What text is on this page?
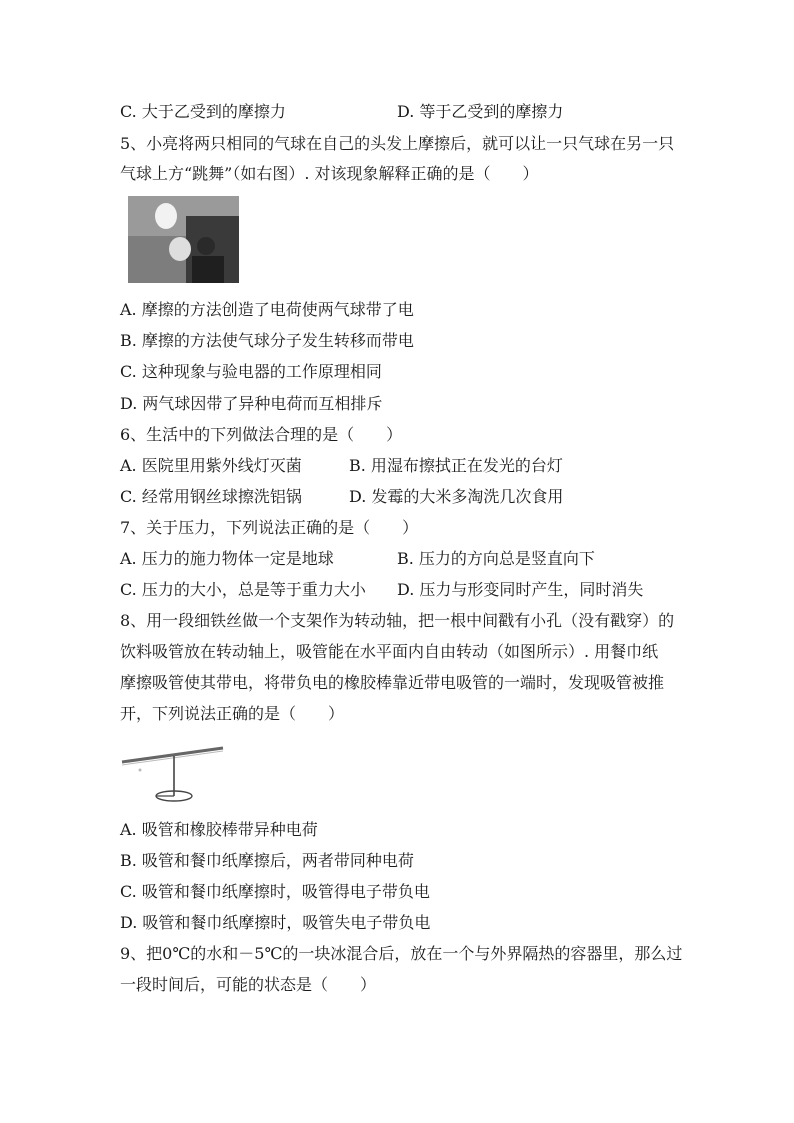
C. 大于乙受到的摩擦力	D. 等于乙受到的摩擦力
5、小亮将两只相同的气球在自己的头发上摩擦后，就可以让一只气球在另一只
气球上方“跳舞”（如右图）. 对该现象解释正确的是（　　）
A. 摩擦的方法创造了电荷使两气球带了电
B. 摩擦的方法使气球分子发生转移而带电
C. 这种现象与验电器的工作原理相同
D. 两气球因带了异种电荷而互相排斥
6、生活中的下列做法合理的是（　　）
A. 医院里用紫外线灯灭菌	B. 用湿布擦拭正在发光的台灯
C. 经常用钢丝球擦洗铝锅	D. 发霉的大米多淘洗几次食用
7、关于压力，下列说法正确的是（　　）
A. 压力的施力物体一定是地球	B. 压力的方向总是竖直向下
C. 压力的大小，总是等于重力大小 D. 压力与形变同时产生，同时消失
8、用一段细铁丝做一个支架作为转动轴，把一根中间戳有小孔（没有戳穿）的
饮料吸管放在转动轴上，吸管能在水平面内自由转动（如图所示）. 用餐巾纸
摩擦吸管使其带电，将带负电的橡胶棒靠近带电吸管的一端时，发现吸管被推
开，下列说法正确的是（　　）
A. 吸管和橡胶棒带异种电荷
B. 吸管和餐巾纸摩擦后，两者带同种电荷
C. 吸管和餐巾纸摩擦时，吸管得电子带负电
D. 吸管和餐巾纸摩擦时，吸管失电子带负电
9、把0℃的水和－5℃的一块冰混合后，放在一个与外界隔热的容器里，那么过
一段时间后，可能的状态是（　　）
